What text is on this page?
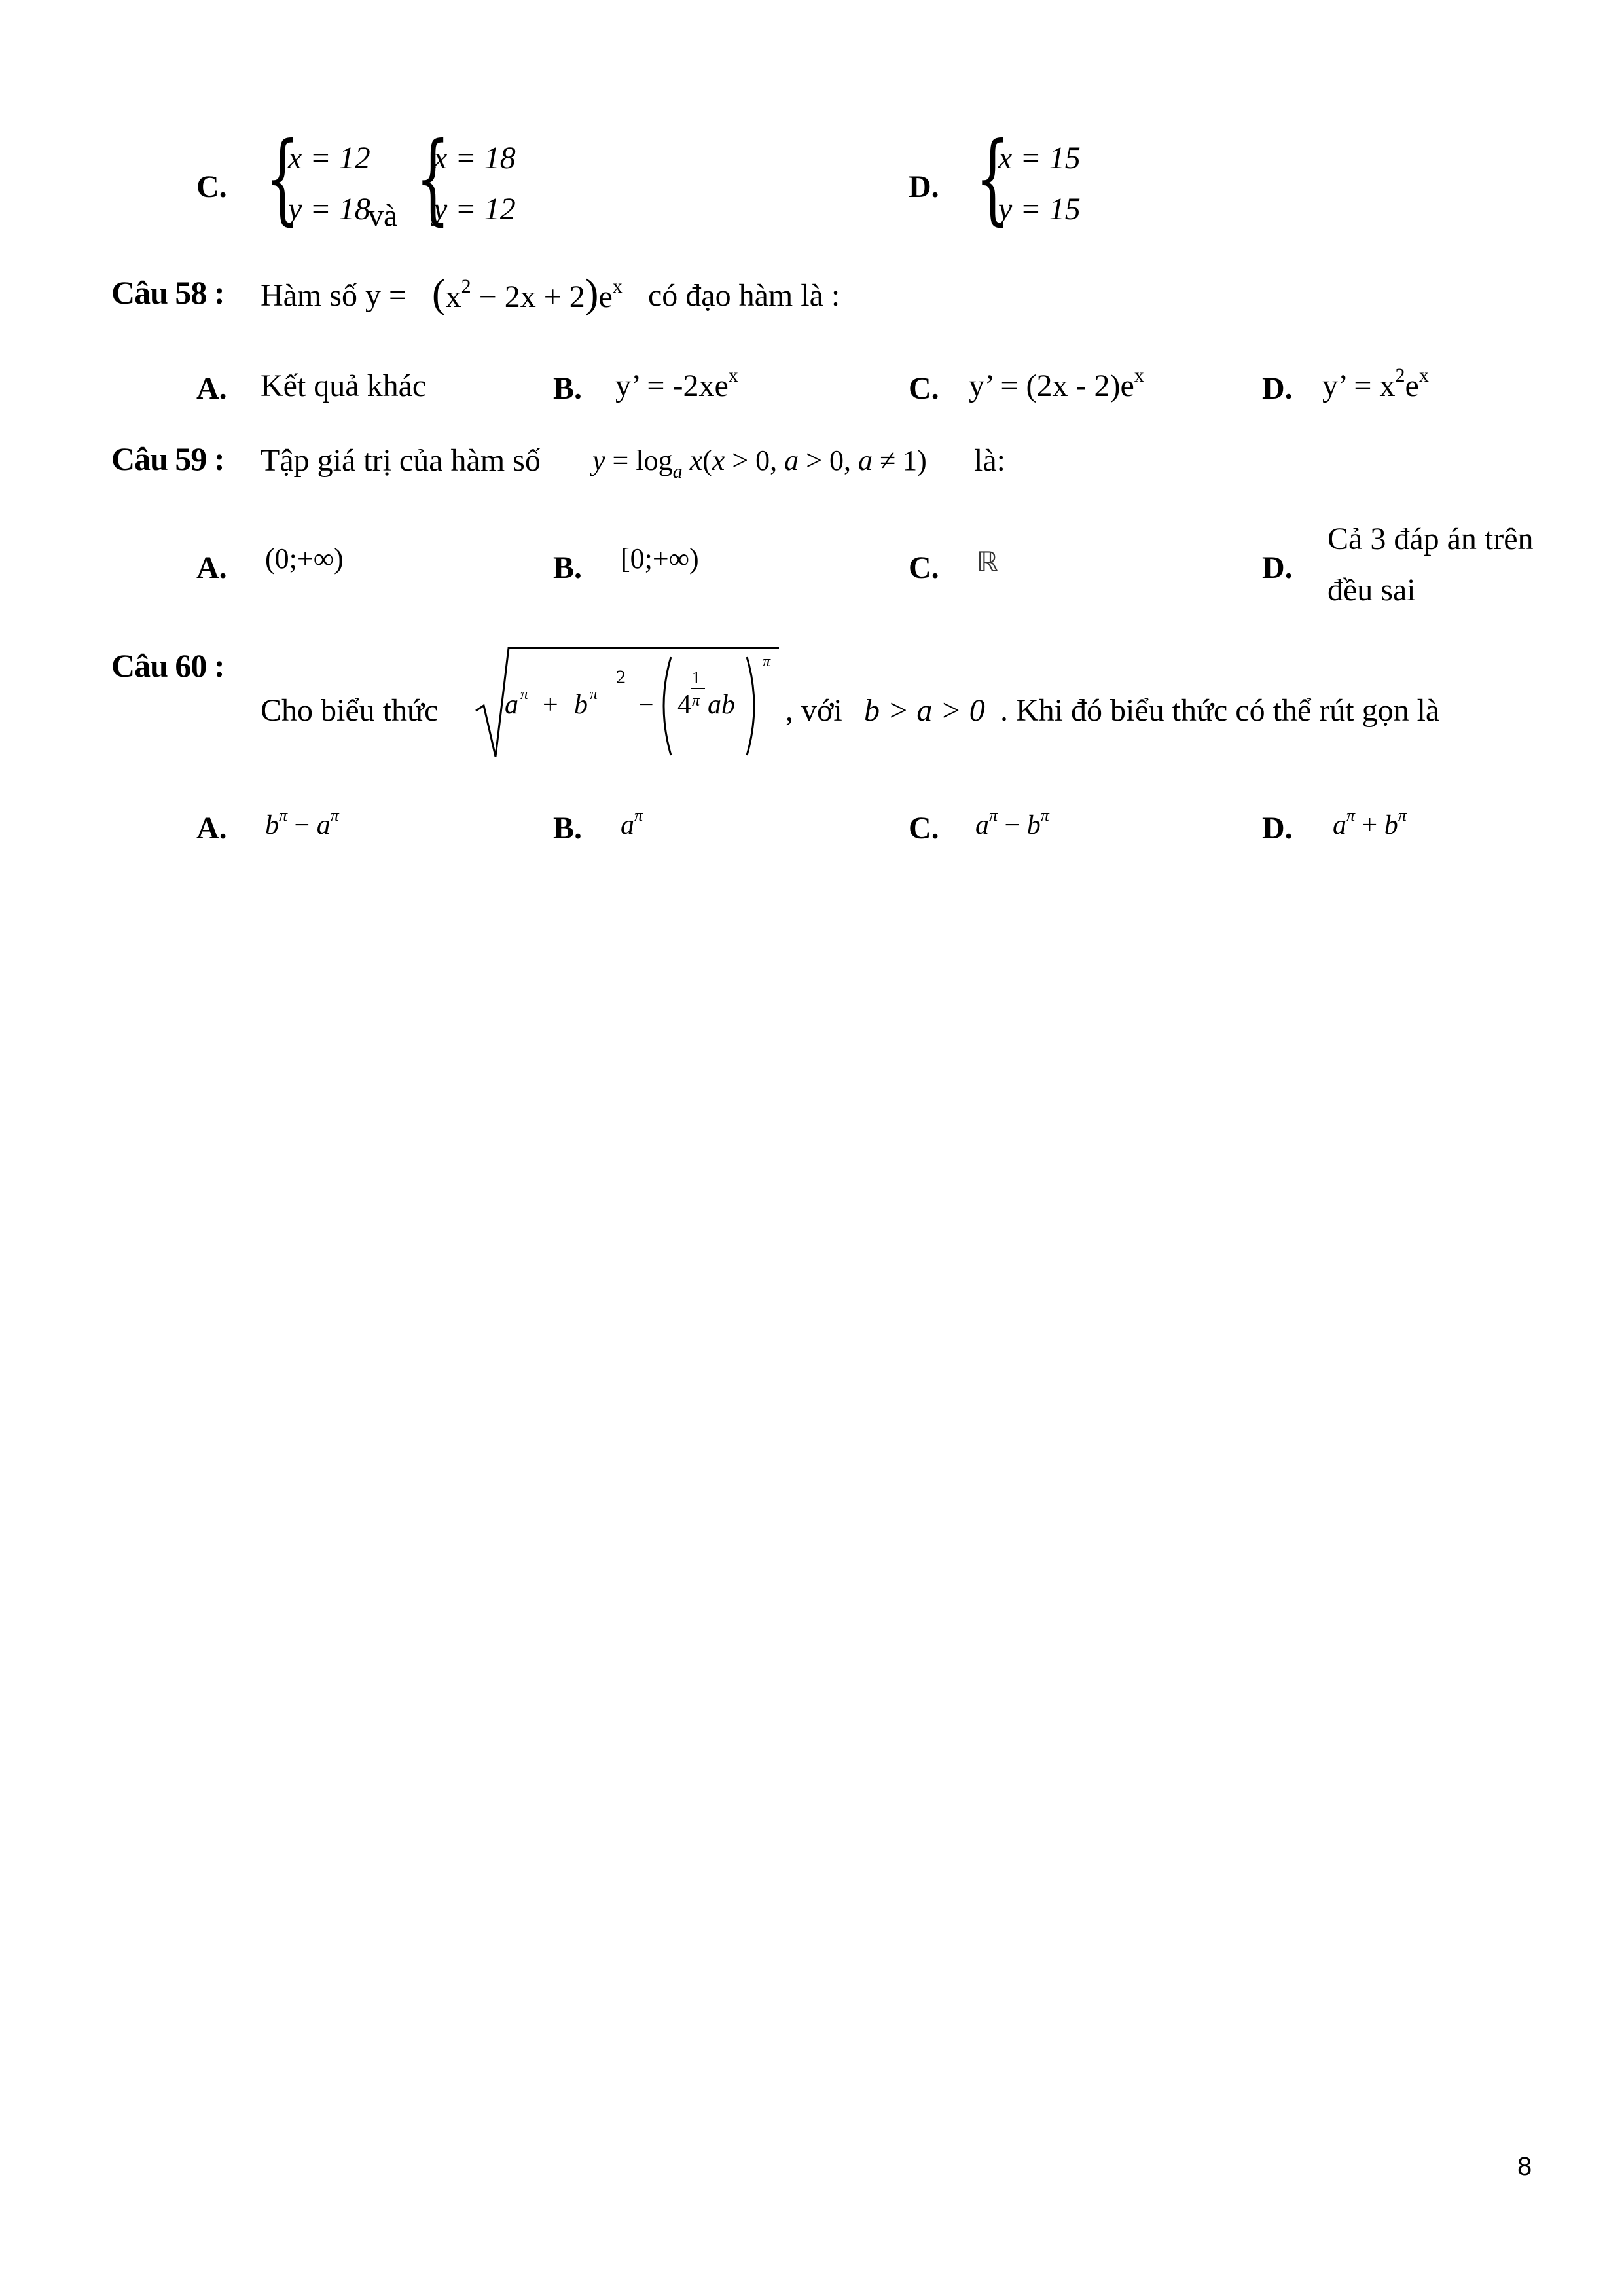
C. {
x = 12
y = 18
và {
x = 18
y = 12
D. {
x = 15
y = 15
Câu 58 : Hàm số $y = (x^2 - 2x + 2)e^x$ có đạo hàm là :
A. Kết quả khác	B. y’ = $-2xe^x$	C. y’ = $(2x - 2)e^x$	D. y’ = $x^2e^x$
Câu 59 : Tập giá trị của hàm số $y = \log_a x(x > 0$, a > 0, a ≠ 1) là:
A. (0;+∞)	B. [0;+∞)	C. ℝ	D.
Cả 3 đáp án trên
đều sai
Câu 60 :
Cho biểu thức a π + b π
2
− 4
1
π ab
π
, với b > a > 0 . Khi đó biểu thức có thể rút gọn là
A. $b^\pi - a^\pi$	B. $a^\pi$	C. $a^\pi - b^\pi$	D. $a^\pi + b^\pi$
8
